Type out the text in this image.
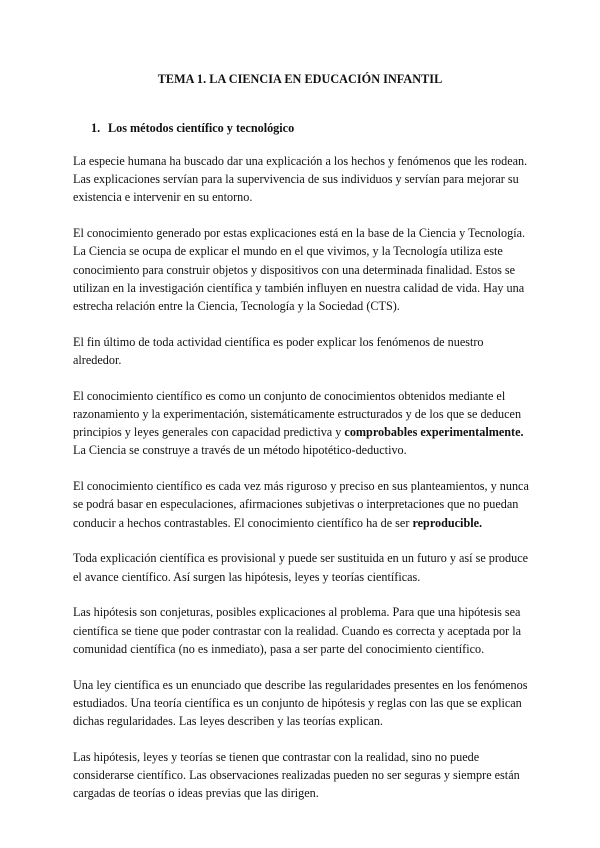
TEMA 1. LA CIENCIA EN EDUCACIÓN INFANTIL
1. Los métodos científico y tecnológico

La especie humana ha buscado dar una explicación a los hechos y fenómenos que les rodean. Las explicaciones servían para la supervivencia de sus individuos y servían para mejorar su existencia e intervenir en su entorno.

El conocimiento generado por estas explicaciones está en la base de la Ciencia y Tecnología. La Ciencia se ocupa de explicar el mundo en el que vivimos, y la Tecnología utiliza este conocimiento para construir objetos y dispositivos con una determinada finalidad. Estos se utilizan en la investigación científica y también influyen en nuestra calidad de vida. Hay una estrecha relación entre la Ciencia, Tecnología y la Sociedad (CTS).

El fin último de toda actividad científica es poder explicar los fenómenos de nuestro alrededor.

El conocimiento científico es como un conjunto de conocimientos obtenidos mediante el razonamiento y la experimentación, sistemáticamente estructurados y de los que se deducen principios y leyes generales con capacidad predictiva y comprobables experimentalmente. La Ciencia se construye a través de un método hipotético-deductivo.

El conocimiento científico es cada vez más riguroso y preciso en sus planteamientos, y nunca se podrá basar en especulaciones, afirmaciones subjetivas o interpretaciones que no puedan conducir a hechos contrastables. El conocimiento científico ha de ser reproducible.

Toda explicación científica es provisional y puede ser sustituida en un futuro y así se produce el avance científico. Así surgen las hipótesis, leyes y teorías científicas.

Las hipótesis son conjeturas, posibles explicaciones al problema. Para que una hipótesis sea científica se tiene que poder contrastar con la realidad. Cuando es correcta y aceptada por la comunidad científica (no es inmediato), pasa a ser parte del conocimiento científico.

Una ley científica es un enunciado que describe las regularidades presentes en los fenómenos estudiados. Una teoría científica es un conjunto de hipótesis y reglas con las que se explican dichas regularidades. Las leyes describen y las teorías explican.

Las hipótesis, leyes y teorías se tienen que contrastar con la realidad, sino no puede considerarse científico. Las observaciones realizadas pueden no ser seguras y siempre están cargadas de teorías o ideas previas que las dirigen.
